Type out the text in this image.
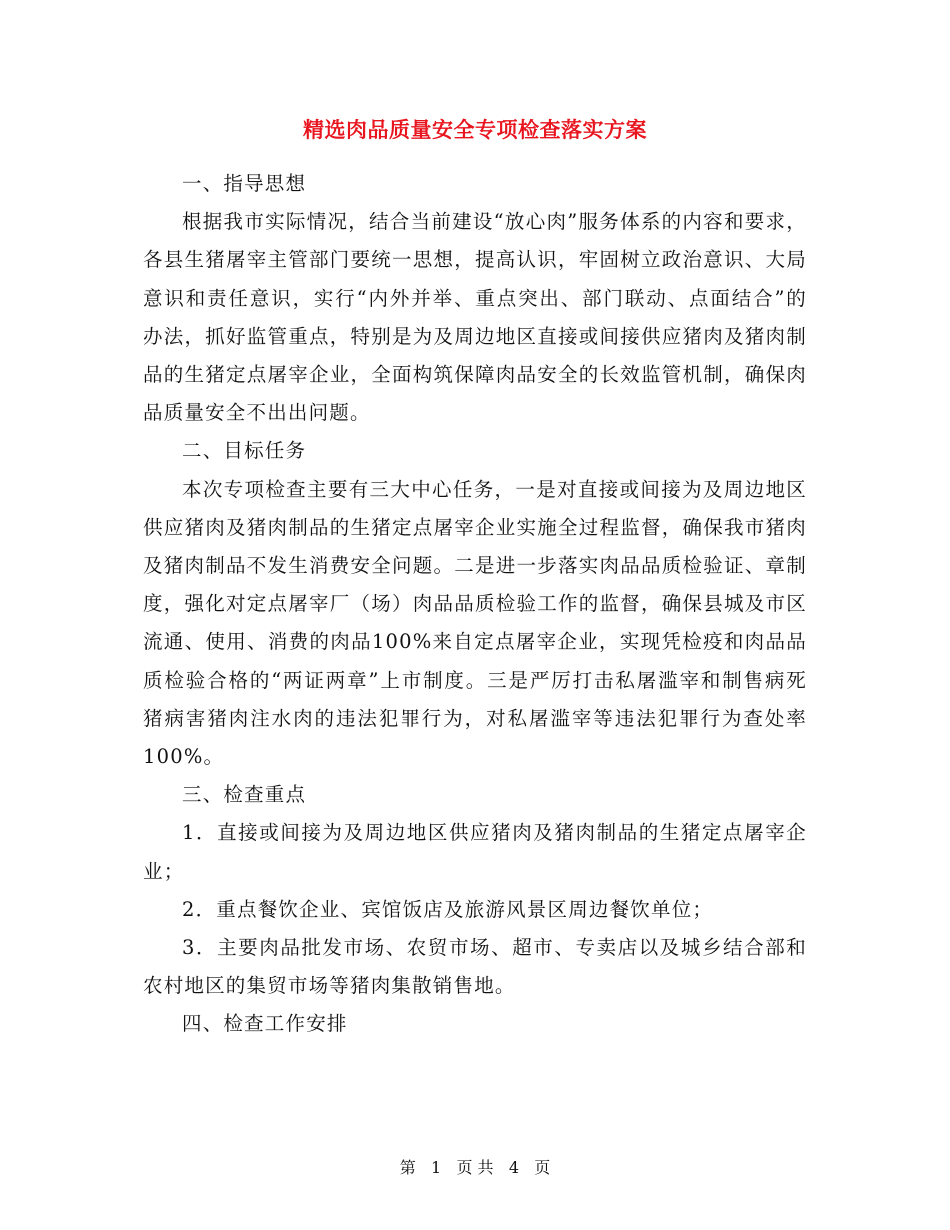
精选肉品质量安全专项检查落实方案

一、指导思想

根据我市实际情况，结合当前建设“放心肉”服务体系的内容和要求，各县生猪屠宰主管部门要统一思想，提高认识，牢固树立政治意识、大局意识和责任意识，实行“内外并举、重点突出、部门联动、点面结合”的办法，抓好监管重点，特别是为及周边地区直接或间接供应猪肉及猪肉制品的生猪定点屠宰企业，全面构筑保障肉品安全的长效监管机制，确保肉品质量安全不出出问题。

二、目标任务

本次专项检查主要有三大中心任务，一是对直接或间接为及周边地区供应猪肉及猪肉制品的生猪定点屠宰企业实施全过程监督，确保我市猪肉及猪肉制品不发生消费安全问题。二是进一步落实肉品品质检验证、章制度，强化对定点屠宰厂（场）肉品品质检验工作的监督，确保县城及市区流通、使用、消费的肉品100%来自定点屠宰企业，实现凭检疫和肉品品质检验合格的“两证两章”上市制度。三是严厉打击私屠滥宰和制售病死猪病害猪肉注水肉的违法犯罪行为，对私屠滥宰等违法犯罪行为查处率100%。

三、检查重点

1．直接或间接为及周边地区供应猪肉及猪肉制品的生猪定点屠宰企业；

2．重点餐饮企业、宾馆饭店及旅游风景区周边餐饮单位；

3．主要肉品批发市场、农贸市场、超市、专卖店以及城乡结合部和农村地区的集贸市场等猪肉集散销售地。

四、检查工作安排

第 1 页 共 4 页
